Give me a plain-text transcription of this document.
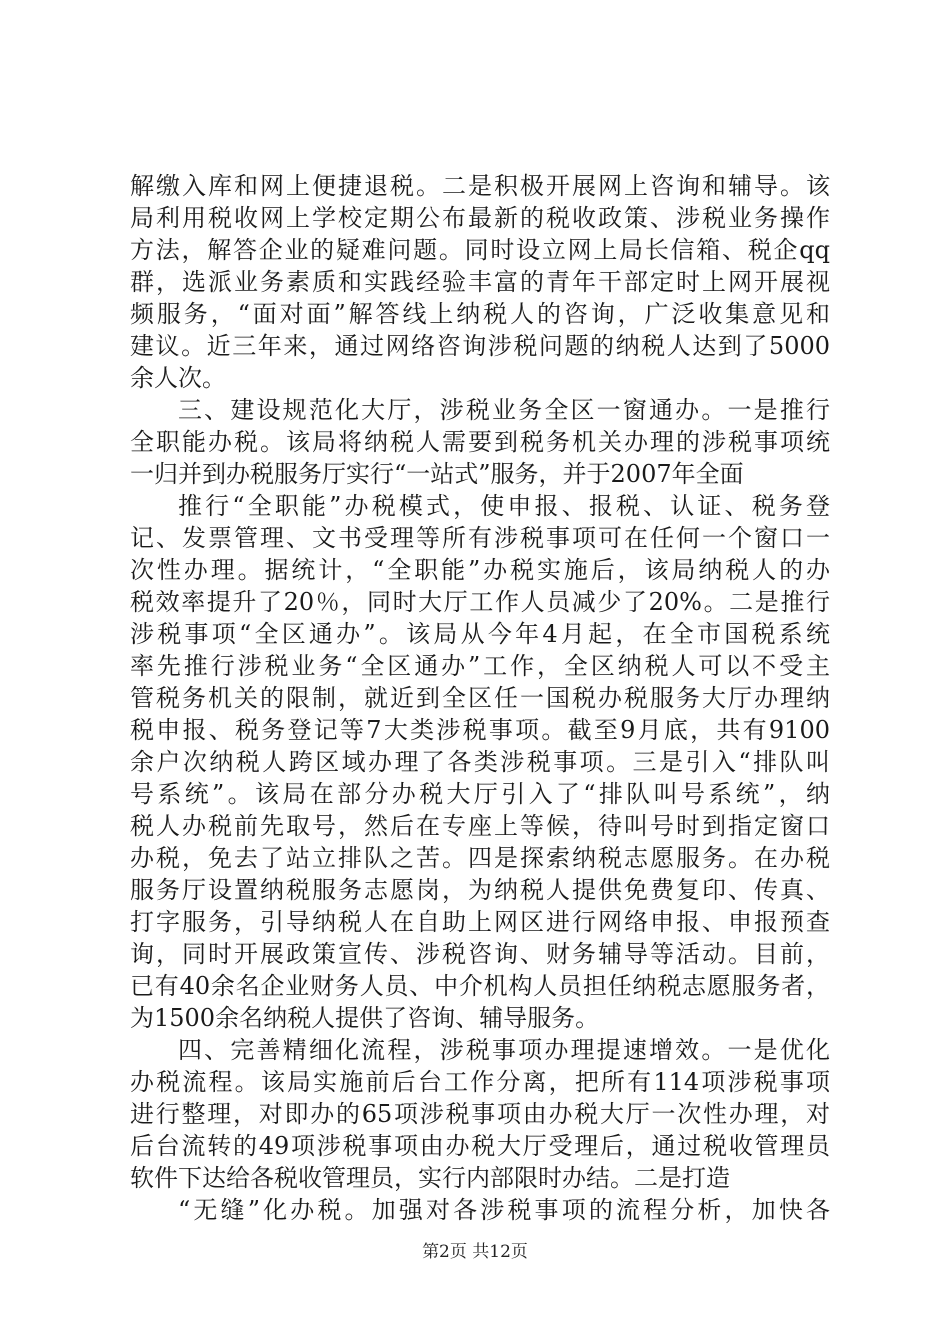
解缴入库和网上便捷退税。二是积极开展网上咨询和辅导。该
局利用税收网上学校定期公布最新的税收政策、涉税业务操作
方法，解答企业的疑难问题。同时设立网上局长信箱、税企qq
群，选派业务素质和实践经验丰富的青年干部定时上网开展视
频服务，“面对面”解答线上纳税人的咨询，广泛收集意见和
建议。近三年来，通过网络咨询涉税问题的纳税人达到了5000
余人次。
三、建设规范化大厅，涉税业务全区一窗通办。一是推行
全职能办税。该局将纳税人需要到税务机关办理的涉税事项统
一归并到办税服务厅实行“一站式”服务，并于2007年全面
推行“全职能”办税模式，使申报、报税、认证、税务登
记、发票管理、文书受理等所有涉税事项可在任何一个窗口一
次性办理。据统计，“全职能”办税实施后，该局纳税人的办
税效率提升了20％，同时大厅工作人员减少了20%。二是推行
涉税事项“全区通办”。该局从今年4月起，在全市国税系统
率先推行涉税业务“全区通办”工作，全区纳税人可以不受主
管税务机关的限制，就近到全区任一国税办税服务大厅办理纳
税申报、税务登记等7大类涉税事项。截至9月底，共有9100
余户次纳税人跨区域办理了各类涉税事项。三是引入“排队叫
号系统”。该局在部分办税大厅引入了“排队叫号系统”，纳
税人办税前先取号，然后在专座上等候，待叫号时到指定窗口
办税，免去了站立排队之苦。四是探索纳税志愿服务。在办税
服务厅设置纳税服务志愿岗，为纳税人提供免费复印、传真、
打字服务，引导纳税人在自助上网区进行网络申报、申报预查
询，同时开展政策宣传、涉税咨询、财务辅导等活动。目前，
已有40余名企业财务人员、中介机构人员担任纳税志愿服务者，
为1500余名纳税人提供了咨询、辅导服务。
四、完善精细化流程，涉税事项办理提速增效。一是优化
办税流程。该局实施前后台工作分离，把所有114项涉税事项
进行整理，对即办的65项涉税事项由办税大厅一次性办理，对
后台流转的49项涉税事项由办税大厅受理后，通过税收管理员
软件下达给各税收管理员，实行内部限时办结。二是打造
“无缝”化办税。加强对各涉税事项的流程分析，加快各
第2页 共12页
